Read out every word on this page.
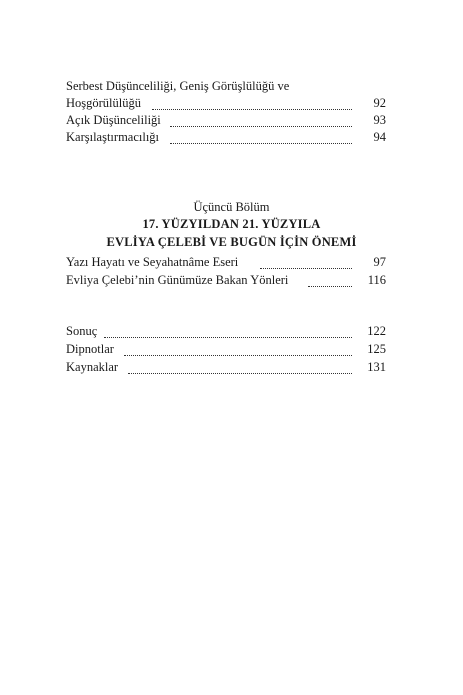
Serbest Düşünceliliği, Geniş Görüşlülüğü ve
Hoşgörülülüğü	92
Açık Düşünceliliği	93
Karşılaştırmacılığı	94
Üçüncü Bölüm
17. YÜZYILDAN 21. YÜZYILA
EVLİYA ÇELEBİ VE BUGÜN İÇİN ÖNEMİ
Yazı Hayatı ve Seyahatnâme Eseri	97
Evliya Çelebi’nin Günümüze Bakan Yönleri	116
Sonuç	122
Dipnotlar	125
Kaynaklar	131
